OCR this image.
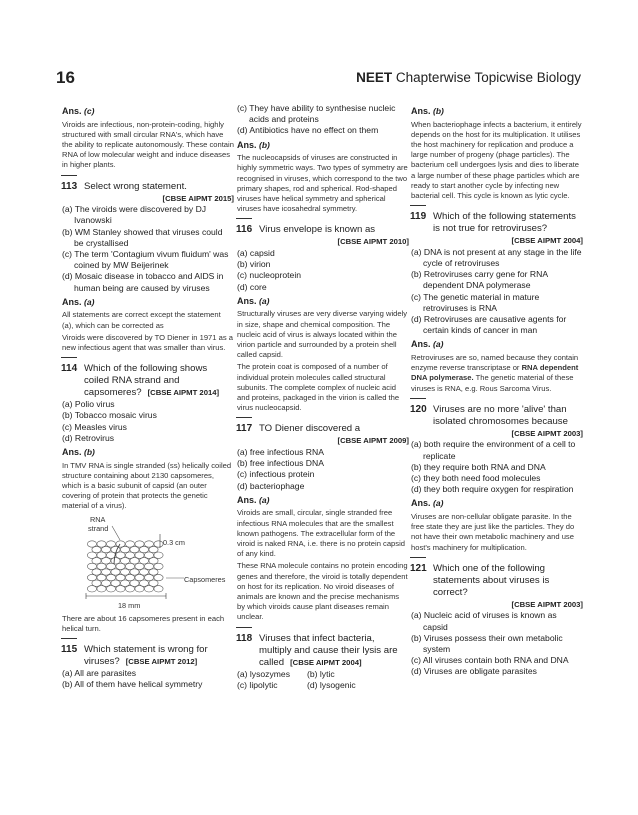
16	NEET Chapterwise Topicwise Biology
Ans. (c)

Viroids are infectious, non-protein-coding, highly structured with small circular RNA's, which have the ability to replicate autonomously. These contain RNA of low molecular weight and induce diseases in higher plants.

113 Select wrong statement.
[CBSE AIPMT 2015]
(a) The viroids were discovered by DJ Ivanowski
(b) WM Stanley showed that viruses could be crystallised
(c) The term 'Contagium vivum fluidum' was coined by MW Beijerinek
(d) Mosaic disease in tobacco and AIDS in human being are caused by viruses
Ans. (a)

All statements are correct except the statement (a), which can be corrected as

Viroids were discovered by TO Diener in 1971 as a new infectious agent that was smaller than virus.

114 Which of the following shows coiled RNA strand and capsomeres? [CBSE AIPMT 2014]
(a) Polio virus
(b) Tobacco mosaic virus
(c) Measles virus
(d) Retrovirus
Ans. (b)

In TMV RNA is single stranded (ss) helically coiled structure containing about 2130 capsomeres, which is a basic subunit of capsid (an outer covering of protein that protects the genetic material of a virus).

RNA
strand
0.3 cm
Capsomeres
18 mm

There are about 16 capsomeres present in each helical turn.

115 Which statement is wrong for viruses? [CBSE AIPMT 2012]
(a) All are parasites
(b) All of them have helical symmetry
(c) They have ability to synthesise nucleic acids and proteins
(d) Antibiotics have no effect on them
Ans. (b)

The nucleocapsids of viruses are constructed in highly symmetric ways. Two types of symmetry are recognised in viruses, which correspond to the two primary shapes, rod and spherical. Rod-shaped viruses have helical symmetry and spherical viruses have icosahedral symmetry.

116 Virus envelope is known as
[CBSE AIPMT 2010]
(a) capsid
(b) virion
(c) nucleoprotein
(d) core
Ans. (a)

Structurally viruses are very diverse varying widely in size, shape and chemical composition. The nucleic acid of virus is always located within the virion particle and surrounded by a protein shell called capsid.

The protein coat is composed of a number of individual protein molecules called structural subunits. The complete complex of nucleic acid and proteins, packaged in the virion is called the virus nucleocapsid.

117 TO Diener discovered a
[CBSE AIPMT 2009]
(a) free infectious RNA
(b) free infectious DNA
(c) infectious protein
(d) bacteriophage
Ans. (a)

Viroids are small, circular, single stranded free infectious RNA molecules that are the smallest known pathogens. The extracellular form of the viroid is naked RNA, i.e. there is no protein capsid of any kind.

These RNA molecule contains no protein encoding genes and therefore, the viroid is totally dependent on host for its replication. No viroid diseases of animals are known and the precise mechanisms by which viroids cause plant diseases remain unclear.

118 Viruses that infect bacteria, multiply and cause their lysis are called [CBSE AIPMT 2004]
(a) lysozymes	(b) lytic
(c) lipolytic	(d) lysogenic
Ans. (b)

When bacteriophage infects a bacterium, it entirely depends on the host for its multiplication. It utilises the host machinery for replication and produce a large number of progeny (phage particles). The bacterium cell undergoes lysis and dies to liberate a large number of these phage particles which are ready to start another cycle by infecting new bacterial cell. This cycle is known as lytic cycle.

119 Which of the following statements is not true for retroviruses?
[CBSE AIPMT 2004]
(a) DNA is not present at any stage in the life cycle of retroviruses
(b) Retroviruses carry gene for RNA dependent DNA polymerase
(c) The genetic material in mature retroviruses is RNA
(d) Retroviruses are causative agents for certain kinds of cancer in man
Ans. (a)

Retroviruses are so, named because they contain enzyme reverse transcriptase or RNA dependent DNA polymerase. The genetic material of these viruses is RNA, e.g. Rous Sarcoma Virus.

120 Viruses are no more 'alive' than isolated chromosomes because
[CBSE AIPMT 2003]
(a) both require the environment of a cell to replicate
(b) they require both RNA and DNA
(c) they both need food molecules
(d) they both require oxygen for respiration
Ans. (a)

Viruses are non-cellular obligate parasite. In the free state they are just like the particles. They do not have their own metabolic machinery and use host's machinery for multiplication.

121 Which one of the following statements about viruses is correct?
[CBSE AIPMT 2003]
(a) Nucleic acid of viruses is known as capsid
(b) Viruses possess their own metabolic system
(c) All viruses contain both RNA and DNA
(d) Viruses are obligate parasites
